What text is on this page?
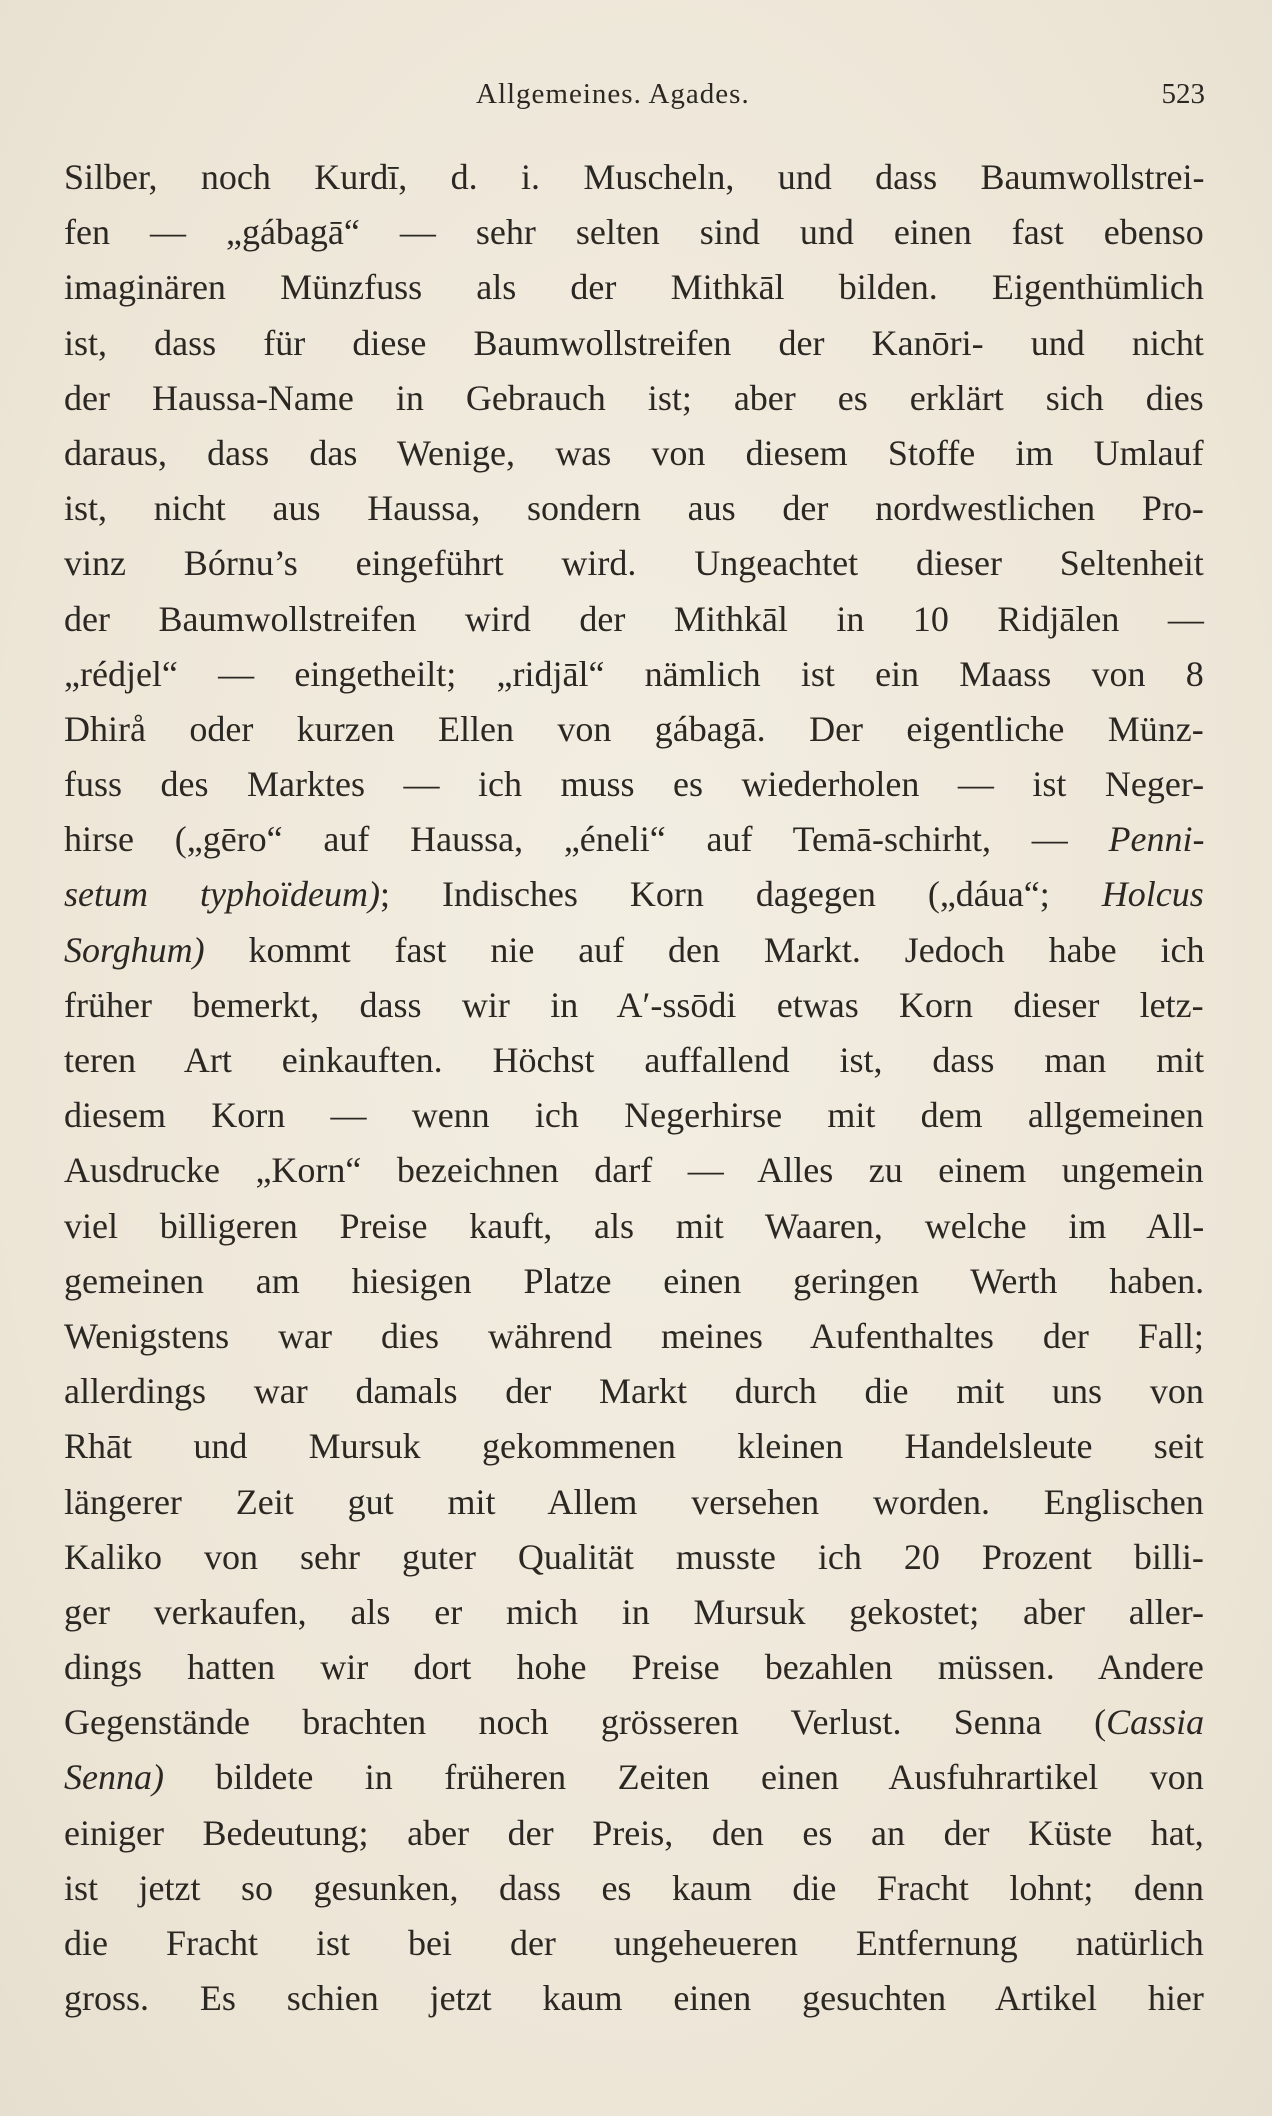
Allgemeines. Agades.	523
Silber, noch Kurdī, d. i. Muscheln, und dass Baumwollstrei-
fen — „gábagā“ — sehr selten sind und einen fast ebenso
imaginären Münzfuss als der Mithkāl bilden. Eigenthümlich
ist, dass für diese Baumwollstreifen der Kanōri- und nicht
der Haussa-Name in Gebrauch ist; aber es erklärt sich dies
daraus, dass das Wenige, was von diesem Stoffe im Umlauf
ist, nicht aus Haussa, sondern aus der nordwestlichen Pro-
vinz Bórnu’s eingeführt wird. Ungeachtet dieser Seltenheit
der Baumwollstreifen wird der Mithkāl in 10 Ridjālen —
„rédjel“ — eingetheilt; „ridjāl“ nämlich ist ein Maass von 8
Dhirå oder kurzen Ellen von gábagā. Der eigentliche Münz-
fuss des Marktes — ich muss es wiederholen — ist Neger-
hirse („gēro“ auf Haussa, „éneli“ auf Temā-schirht, — Penni-
setum typhoïdeum); Indisches Korn dagegen („dáua“; Holcus
Sorghum) kommt fast nie auf den Markt. Jedoch habe ich
früher bemerkt, dass wir in A′-ssōdi etwas Korn dieser letz-
teren Art einkauften. Höchst auffallend ist, dass man mit
diesem Korn — wenn ich Negerhirse mit dem allgemeinen
Ausdrucke „Korn“ bezeichnen darf — Alles zu einem ungemein
viel billigeren Preise kauft, als mit Waaren, welche im All-
gemeinen am hiesigen Platze einen geringen Werth haben.
Wenigstens war dies während meines Aufenthaltes der Fall;
allerdings war damals der Markt durch die mit uns von
Rhāt und Mursuk gekommenen kleinen Handelsleute seit
längerer Zeit gut mit Allem versehen worden. Englischen
Kaliko von sehr guter Qualität musste ich 20 Prozent billi-
ger verkaufen, als er mich in Mursuk gekostet; aber aller-
dings hatten wir dort hohe Preise bezahlen müssen. Andere
Gegenstände brachten noch grösseren Verlust. Senna (Cassia
Senna) bildete in früheren Zeiten einen Ausfuhrartikel von
einiger Bedeutung; aber der Preis, den es an der Küste hat,
ist jetzt so gesunken, dass es kaum die Fracht lohnt; denn
die Fracht ist bei der ungeheueren Entfernung natürlich
gross. Es schien jetzt kaum einen gesuchten Artikel hier
